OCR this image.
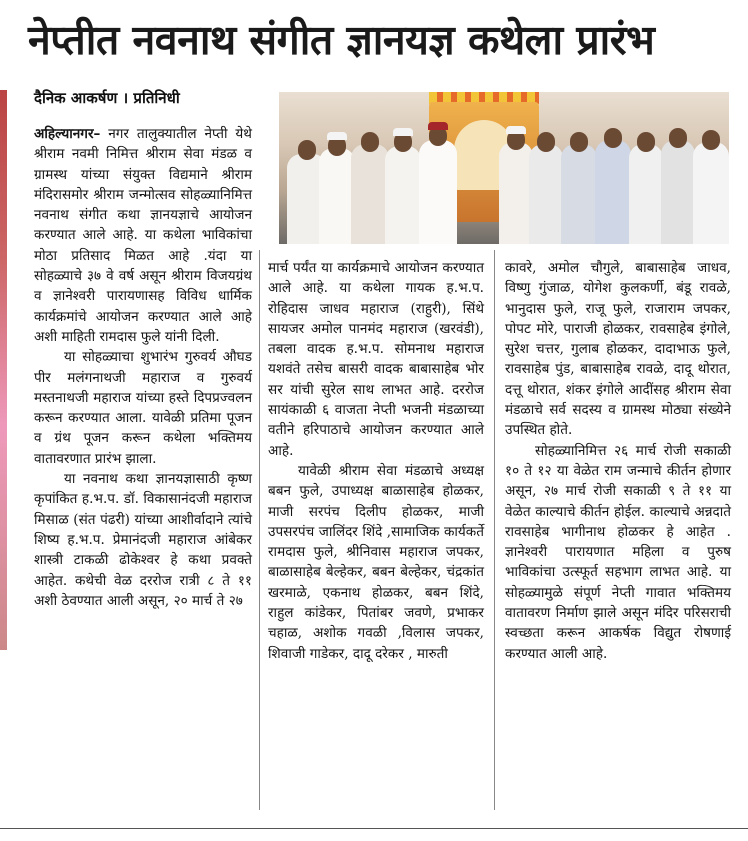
नेप्तीत नवनाथ संगीत ज्ञानयज्ञ कथेला प्रारंभ
दैनिक आकर्षण । प्रतिनिधी

अहिल्यानगर– नगर तालुक्यातील नेप्ती येथे श्रीराम नवमी निमित्त श्रीराम सेवा मंडळ व ग्रामस्थ यांच्या संयुक्त विद्यमाने श्रीराम मंदिरासमोर श्रीराम जन्मोत्सव सोहळ्यानिमित्त नवनाथ संगीत कथा ज्ञानयज्ञाचे आयोजन करण्यात आले आहे. या कथेला भाविकांचा मोठा प्रतिसाद मिळत आहे .यंदा या सोहळ्याचे ३७ वे वर्ष असून श्रीराम विजयग्रंथ व ज्ञानेश्वरी पारायणासह विविध धार्मिक कार्यक्रमांचे आयोजन करण्यात आले आहे अशी माहिती रामदास फुले यांनी दिली.

या सोहळ्याचा शुभारंभ गुरुवर्य औघड पीर मलंगनाथजी महाराज व गुरुवर्य मस्तनाथजी महाराज यांच्या हस्ते दिपप्रज्वलन करून करण्यात आला. यावेळी प्रतिमा पूजन व ग्रंथ पूजन करून कथेला भक्तिमय वातावरणात प्रारंभ झाला.

या नवनाथ कथा ज्ञानयज्ञासाठी कृष्ण कृपांकित ह.भ.प. डॉ. विकासानंदजी महाराज मिसाळ (संत पंढरी) यांच्या आशीर्वादाने त्यांचे शिष्य ह.भ.प. प्रेमानंदजी महाराज आंबेकर शास्त्री टाकळी ढोकेश्वर हे कथा प्रवक्ते आहेत. कथेची वेळ दररोज रात्री ८ ते ११ अशी ठेवण्यात आली असून, २० मार्च ते २७

मार्च पर्यंत या कार्यक्रमाचे आयोजन करण्यात आले आहे. या कथेला गायक ह.भ.प. रोहिदास जाधव महाराज (राहुरी), सिंथे सायजर अमोल पानमंद महाराज (खरवंडी), तबला वादक ह.भ.प. सोमनाथ महाराज यशवंते तसेच बासरी वादक बाबासाहेब भोर सर यांची सुरेल साथ लाभत आहे. दररोज सायंकाळी ६ वाजता नेप्ती भजनी मंडळाच्या वतीने हरिपाठाचे आयोजन करण्यात आले आहे.

यावेळी श्रीराम सेवा मंडळाचे अध्यक्ष बबन फुले, उपाध्यक्ष बाळासाहेब होळकर, माजी सरपंच दिलीप होळकर, माजी उपसरपंच जालिंदर शिंदे ,सामाजिक कार्यकर्ते रामदास फुले, श्रीनिवास महाराज जपकर, बाळासाहेब बेल्हेकर, बबन बेल्हेकर, चंद्रकांत खरमाळे, एकनाथ होळकर, बबन शिंदे, राहुल कांडेकर, पितांबर जवणे, प्रभाकर चहाळ, अशोक गवळी ,विलास जपकर, शिवाजी गाडेकर, दादू दरेकर , मारुती

कावरे, अमोल चौगुले, बाबासाहेब जाधव, विष्णु गुंजाळ, योगेश कुलकर्णी, बंडू रावळे, भानुदास फुले, राजू फुले, राजाराम जपकर, पोपट मोरे, पाराजी होळकर, रावसाहेब इंगोले, सुरेश चत्तर, गुलाब होळकर, दादाभाऊ फुले, रावसाहेब पुंड, बाबासाहेब रावळे, दादू थोरात, दत्तू थोरात, शंकर इंगोले आदींसह श्रीराम सेवा मंडळाचे सर्व सदस्य व ग्रामस्थ मोठ्या संख्येने उपस्थित होते.

सोहळ्यानिमित्त २६ मार्च रोजी सकाळी १० ते १२ या वेळेत राम जन्माचे कीर्तन होणार असून, २७ मार्च रोजी सकाळी ९ ते ११ या वेळेत काल्याचे कीर्तन होईल. काल्याचे अन्नदाते रावसाहेब भागीनाथ होळकर हे आहेत . ज्ञानेश्वरी पारायणात महिला व पुरुष भाविकांचा उत्स्फूर्त सहभाग लाभत आहे. या सोहळ्यामुळे संपूर्ण नेप्ती गावात भक्तिमय वातावरण निर्माण झाले असून मंदिर परिसराची स्वच्छता करून आकर्षक विद्युत रोषणाई करण्यात आली आहे.
